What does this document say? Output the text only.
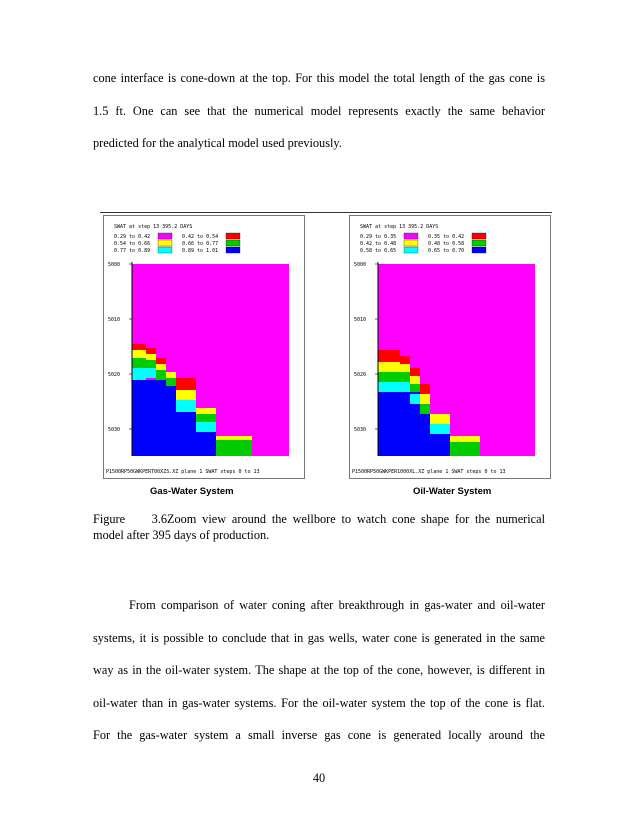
cone interface is cone-down at the top. For this model the total length of the gas cone is
1.5 ft. One can see that the numerical model represents exactly the same behavior
predicted for the analytical model used previously.
SWAT at step 13 395.2 DAYS
0.29 to 0.42	0.42 to 0.54
0.54 to 0.66	0.66 to 0.77
0.77 to 0.89	0.89 to 1.01
5000
5010
5020
5030
P1500RP50GWKPERT00XZS.XZ plane 1 SWAT steps 0 to 13
SWAT at step 13 395.2 DAYS
0.29 to 0.35	0.35 to 0.42
0.42 to 0.48	0.48 to 0.58
0.58 to 0.65	0.65 to 0.70
5000
5010
5020
5030
P1500RP50GWKPER1000XL.XZ plane 1 SWAT steps 0 to 13
Gas-Water System	Oil-Water System
Figure 3.6Zoom view around the wellbore to watch cone shape for the numerical
model after 395 days of production.
From comparison of water coning after breakthrough in gas-water and oil-water
systems, it is possible to conclude that in gas wells, water cone is generated in the same
way as in the oil-water system. The shape at the top of the cone, however, is different in
oil-water than in gas-water systems. For the oil-water system the top of the cone is flat.
For the gas-water system a small inverse gas cone is generated locally around the
40
